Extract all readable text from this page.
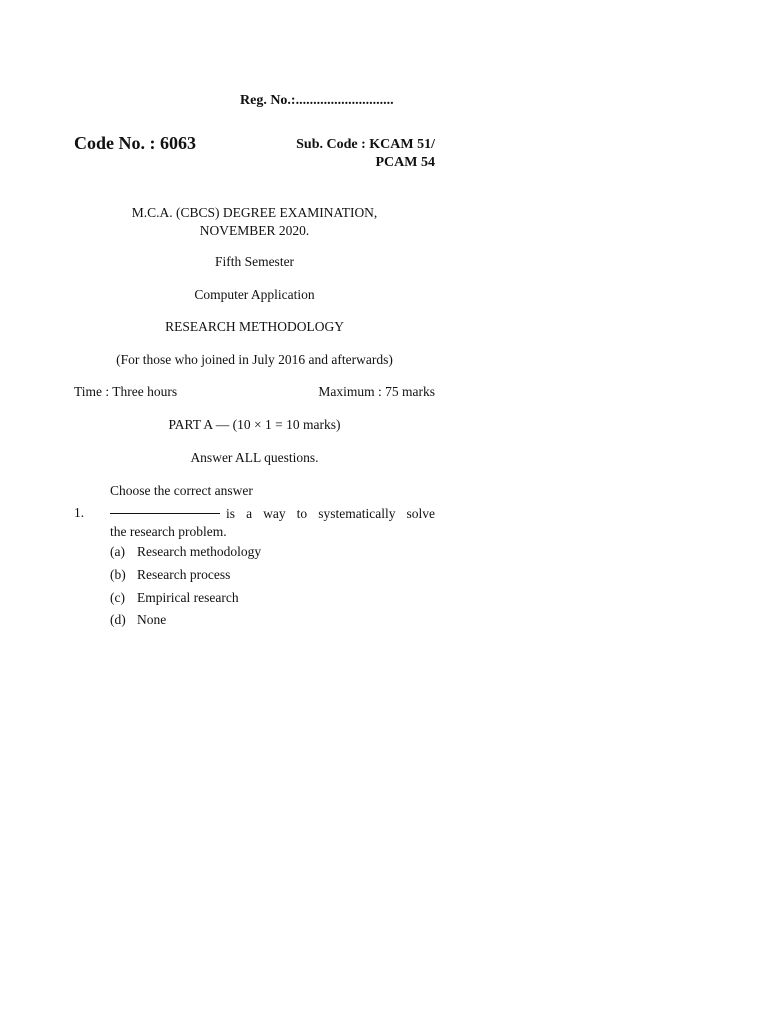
Reg. No.:............................
Code No. : 6063	Sub. Code : KCAM 51/
PCAM 54
M.C.A. (CBCS) DEGREE EXAMINATION,
NOVEMBER 2020.
Fifth Semester
Computer Application
RESEARCH METHODOLOGY
(For those who joined in July 2016 and afterwards)
Time : Three hours	Maximum : 75 marks
PART A — (10 × 1 = 10 marks)
Answer ALL questions.
Choose the correct answer
1.	is a way to systematically solve
the research problem.
(a) Research methodology
(b) Research process
(c) Empirical research
(d) None
